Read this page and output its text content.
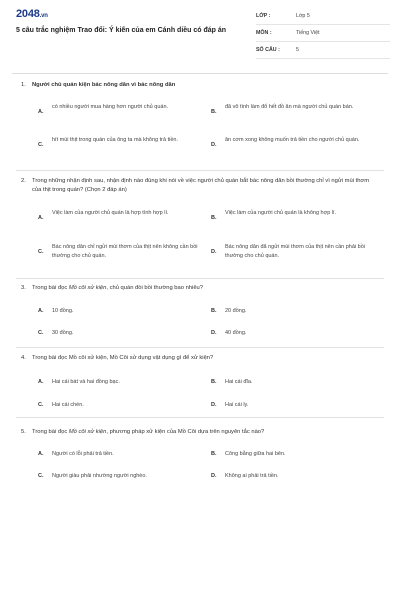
2048.vn
5 câu trắc nghiệm Trao đổi: Ý kiến của em Cánh diều có đáp án
LỚP :	Lớp 5
MÔN :	Tiếng Việt
SỐ CÂU :	5
1. Người chủ quán kiện bác nông dân vì bác nông dân
A.
có nhiều người mua hàng hơn người chủ quán.
B.
đã vô tình làm đổ hết đồ ăn mà người chủ quán bán.
C.
hít mùi thịt trong quán của ông ta mà không trả tiền.
D.
ăn cơm xong không muốn trả tiền cho người chủ quán.
2. Trong những nhận định sau, nhận định nào đúng khi nói về việc người chủ quán bắt bác nông dân bồi thường chỉ vì ngửi mùi thơm của thịt trong quán? (Chọn 2 đáp án)
A.
Việc làm của người chủ quán là hợp tình hợp lí.
B.
Việc làm của người chủ quán là không hợp lí.
C.
Bác nông dân chỉ ngửi mùi thơm của thịt nên không cần bồi thường cho chủ quán.
D.
Bác nông dân đã ngửi mùi thơm của thịt nên cần phải bồi thường cho chủ quán.
3. Trong bài đọc Mồ côi xử kiện, chủ quán đòi bồi thường bao nhiêu?
A. 10 đồng.	B. 20 đồng.
C. 30 đồng.	D. 40 đồng.
4. Trong bài đọc Mồ côi xử kiện, Mồ Côi sử dụng vật dụng gì để xử kiện?
A. Hai cái bát và hai đồng bạc.	B. Hai cái đĩa.
C. Hai cái chén.	D. Hai cái ly.
5. Trong bài đọc Mồ côi xử kiện, phương pháp xử kiện của Mồ Côi dựa trên nguyên tắc nào?
A. Người có lỗi phải trả tiền.	B. Công bằng giữa hai bên.
C. Người giàu phải nhường người nghèo.	D. Không ai phải trả tiền.
